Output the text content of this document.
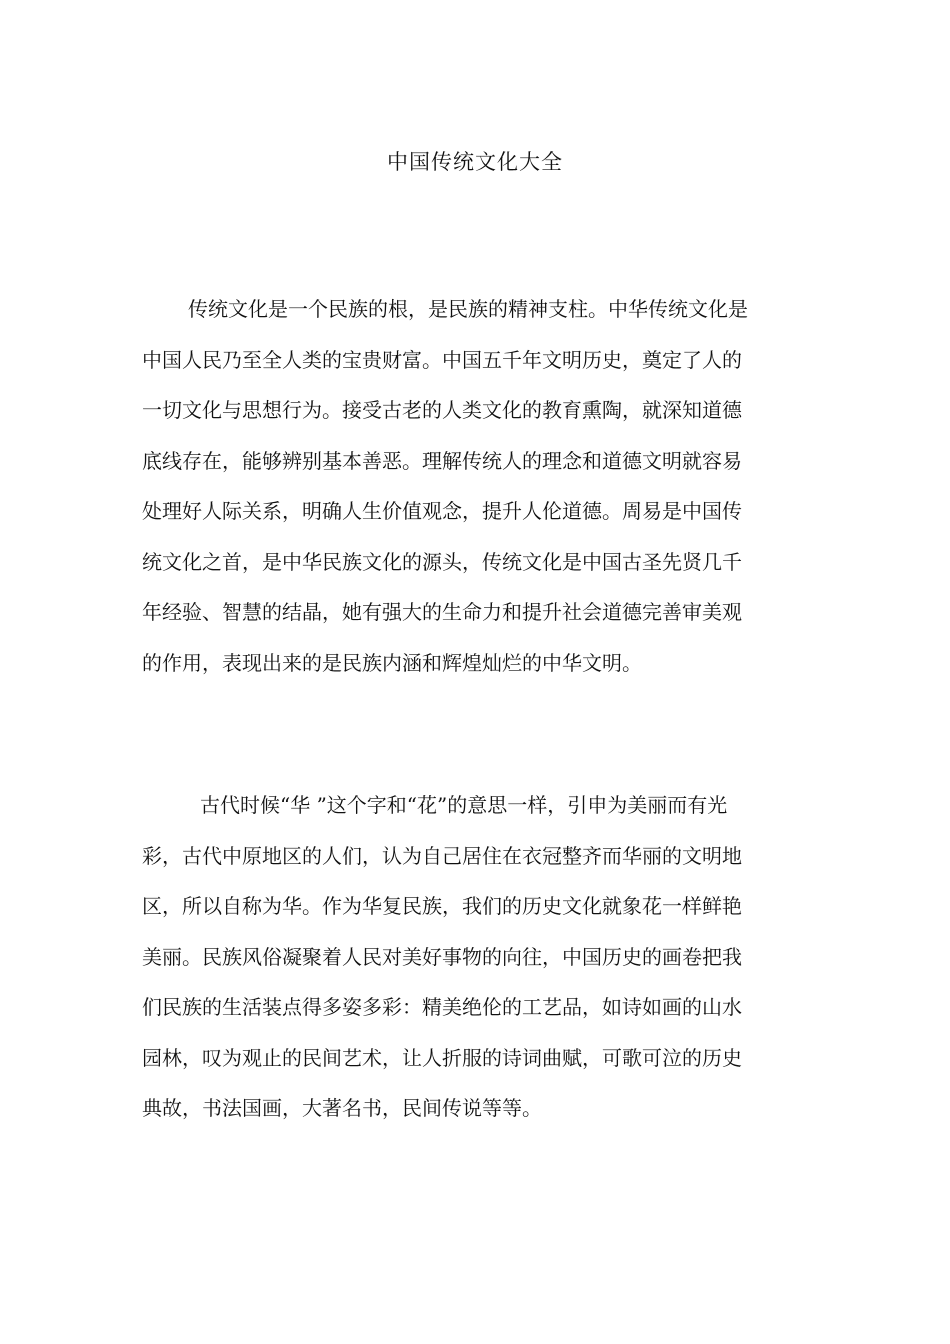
中国传统文化大全

传统文化是一个民族的根，是民族的精神支柱。中华传统文化是
中国人民乃至全人类的宝贵财富。中国五千年文明历史，奠定了人的
一切文化与思想行为。接受古老的人类文化的教育熏陶，就深知道德
底线存在，能够辨别基本善恶。理解传统人的理念和道德文明就容易
处理好人际关系，明确人生价值观念，提升人伦道德。周易是中国传
统文化之首，是中华民族文化的源头，传统文化是中国古圣先贤几千
年经验、智慧的结晶，她有强大的生命力和提升社会道德完善审美观
的作用，表现出来的是民族内涵和辉煌灿烂的中华文明。

古代时候“华 ”这个字和“花”的意思一样，引申为美丽而有光
彩，古代中原地区的人们，认为自己居住在衣冠整齐而华丽的文明地
区，所以自称为华。作为华复民族，我们的历史文化就象花一样鲜艳
美丽。民族风俗凝聚着人民对美好事物的向往，中国历史的画卷把我
们民族的生活装点得多姿多彩：精美绝伦的工艺品，如诗如画的山水
园林，叹为观止的民间艺术，让人折服的诗词曲赋，可歌可泣的历史
典故，书法国画，大著名书，民间传说等等。
